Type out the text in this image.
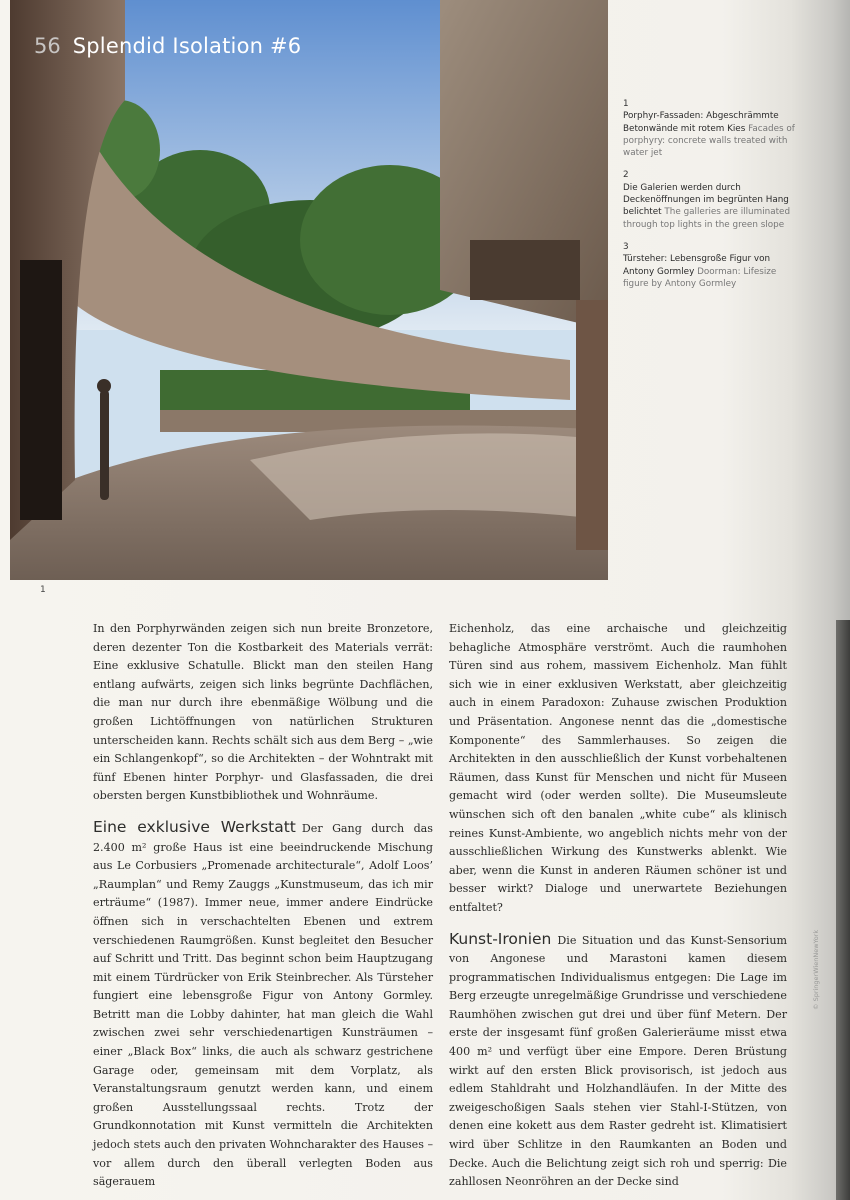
56 Splendid Isolation #6
1
1
Porphyr-Fassaden: Abgeschrämmte Betonwände mit rotem Kies Facades of porphyry: concrete walls treated with water jet
2
Die Galerien werden durch Deckenöffnungen im begrünten Hang belichtet The galleries are illuminated through top lights in the green slope
3
Türsteher: Lebensgroße Figur von Antony Gormley Doorman: Lifesize figure by Antony Gormley

In den Porphyrwänden zeigen sich nun breite Bronzetore, deren dezenter Ton die Kostbarkeit des Materials verrät: Eine exklusive Schatulle. Blickt man den steilen Hang entlang aufwärts, zeigen sich links begrünte Dachflächen, die man nur durch ihre ebenmäßige Wölbung und die großen Lichtöffnungen von natürlichen Strukturen unterscheiden kann. Rechts schält sich aus dem Berg – „wie ein Schlangenkopf“, so die Architekten – der Wohntrakt mit fünf Ebenen hinter Porphyr- und Glasfassaden, die drei obersten bergen Kunstbibliothek und Wohnräume.

Eine exklusive Werkstatt Der Gang durch das 2.400 m² große Haus ist eine beeindruckende Mischung aus Le Corbusiers „Promenade architecturale“, Adolf Loos’ „Raumplan“ und Remy Zauggs „Kunstmuseum, das ich mir erträume“ (1987). Immer neue, immer andere Eindrücke öffnen sich in verschachtelten Ebenen und extrem verschiedenen Raumgrößen. Kunst begleitet den Besucher auf Schritt und Tritt. Das beginnt schon beim Hauptzugang mit einem Türdrücker von Erik Steinbrecher. Als Türsteher fungiert eine lebensgroße Figur von Antony Gormley. Betritt man die Lobby dahinter, hat man gleich die Wahl zwischen zwei sehr verschiedenartigen Kunsträumen – einer „Black Box“ links, die auch als schwarz gestrichene Garage oder, gemeinsam mit dem Vorplatz, als Veranstaltungsraum genutzt werden kann, und einem großen Ausstellungssaal rechts. Trotz der Grundkonnotation mit Kunst vermitteln die Architekten jedoch stets auch den privaten Wohncharakter des Hauses – vor allem durch den überall verlegten Boden aus sägerauem

Eichenholz, das eine archaische und gleichzeitig behagliche Atmosphäre verströmt. Auch die raumhohen Türen sind aus rohem, massivem Eichenholz. Man fühlt sich wie in einer exklusiven Werkstatt, aber gleichzeitig auch in einem Paradoxon: Zuhause zwischen Produktion und Präsentation. Angonese nennt das die „domestische Komponente“ des Sammlerhauses. So zeigen die Architekten in den ausschließlich der Kunst vorbehaltenen Räumen, dass Kunst für Menschen und nicht für Museen gemacht wird (oder werden sollte). Die Museumsleute wünschen sich oft den banalen „white cube“ als klinisch reines Kunst-Ambiente, wo angeblich nichts mehr von der ausschließlichen Wirkung des Kunstwerks ablenkt. Wie aber, wenn die Kunst in anderen Räumen schöner ist und besser wirkt? Dialoge und unerwartete Beziehungen entfaltet?

Kunst-Ironien Die Situation und das Kunst-Sensorium von Angonese und Marastoni kamen diesem programmatischen Individualismus entgegen: Die Lage im Berg erzeugte unregelmäßige Grundrisse und verschiedene Raumhöhen zwischen gut drei und über fünf Metern. Der erste der insgesamt fünf großen Galerieräume misst etwa 400 m² und verfügt über eine Empore. Deren Brüstung wirkt auf den ersten Blick provisorisch, ist jedoch aus edlem Stahldraht und Holzhandläufen. In der Mitte des zweigeschoßigen Saals stehen vier Stahl-I-Stützen, von denen eine kokett aus dem Raster gedreht ist. Klimatisiert wird über Schlitze in den Raumkanten an Boden und Decke. Auch die Belichtung zeigt sich roh und sperrig: Die zahllosen Neonröhren an der Decke sind

© SpringerWienNewYork
